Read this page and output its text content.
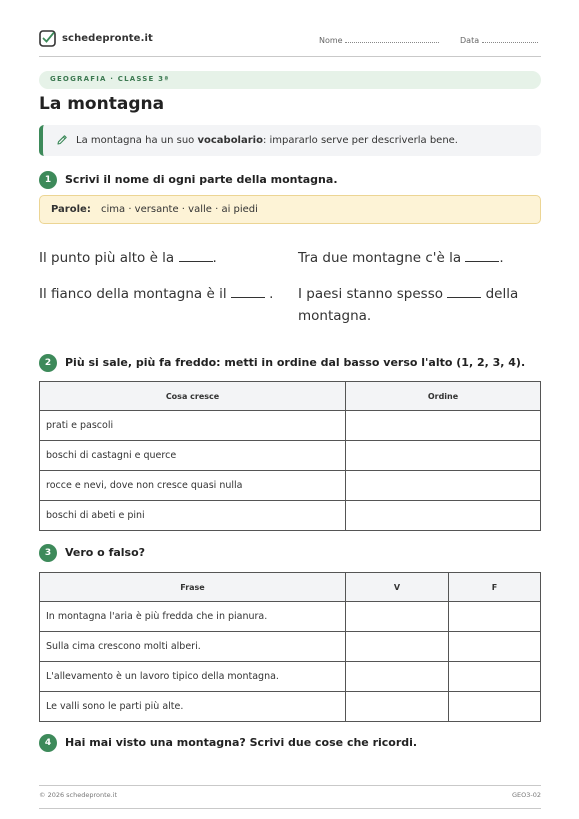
schedepronte.it	Nome	Data
GEOGRAFIA · CLASSE 3ª
La montagna
La montagna ha un suo vocabolario: impararlo serve per descriverla bene.
1	Scrivi il nome di ogni parte della montagna.
Parole: cima · versante · valle · ai piedi
Il punto più alto è la	.	Tra due montagne c'è la	.
Il fianco della montagna è il	.	I paesi stanno spesso	della montagna.
2	Più si sale, più fa freddo: metti in ordine dal basso verso l'alto (1, 2, 3, 4).
Cosa cresce	Ordine
prati e pascoli	
boschi di castagni e querce	
rocce e nevi, dove non cresce quasi nulla	
boschi di abeti e pini	
3	Vero o falso?
Frase	V	F
In montagna l'aria è più fredda che in pianura.		
Sulla cima crescono molti alberi.		
L'allevamento è un lavoro tipico della montagna.		
Le valli sono le parti più alte.		
4	Hai mai visto una montagna? Scrivi due cose che ricordi.
© 2026 schedepronte.it	GEO3-02
